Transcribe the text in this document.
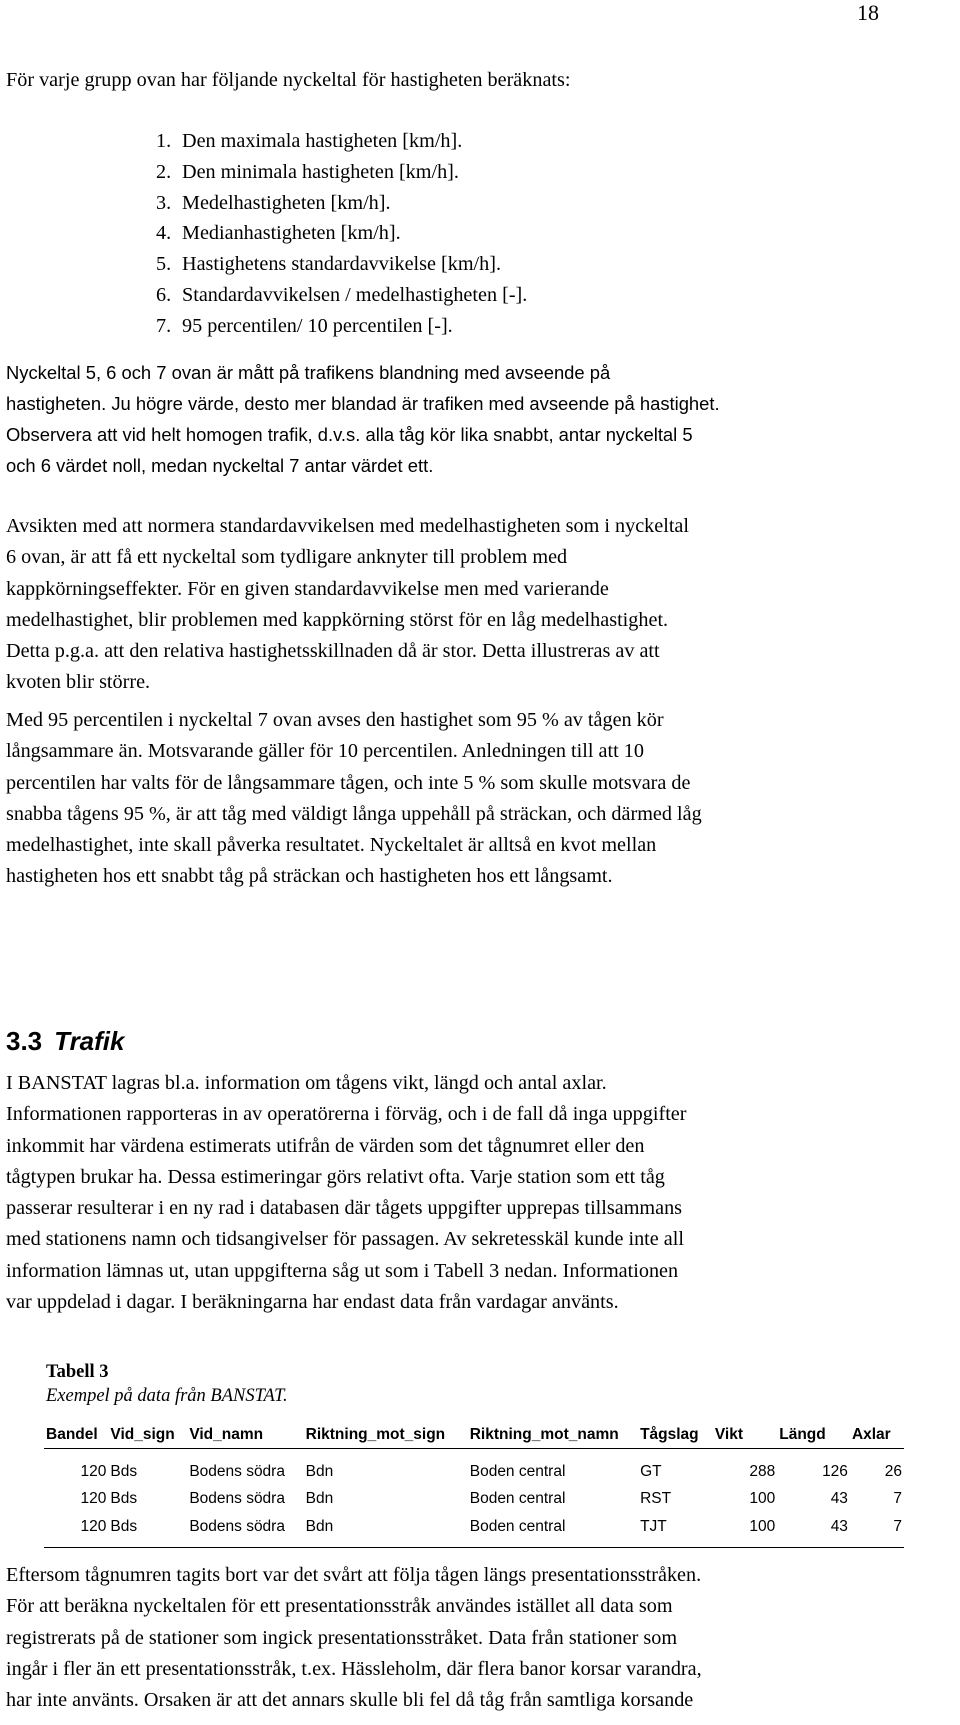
18

För varje grupp ovan har följande nyckeltal för hastigheten beräknats:

1. Den maximala hastigheten [km/h].
2. Den minimala hastigheten [km/h].
3. Medelhastigheten [km/h].
4. Medianhastigheten [km/h].
5. Hastighetens standardavvikelse [km/h].
6. Standardavvikelsen / medelhastigheten [-].
7. 95 percentilen/ 10 percentilen [-].
Nyckeltal 5, 6 och 7 ovan är mått på trafikens blandning med avseende på
hastigheten. Ju högre värde, desto mer blandad är trafiken med avseende på hastighet.
Observera att vid helt homogen trafik, d.v.s. alla tåg kör lika snabbt, antar nyckeltal 5
och 6 värdet noll, medan nyckeltal 7 antar värdet ett.
Avsikten med att normera standardavvikelsen med medelhastigheten som i nyckeltal
6 ovan, är att få ett nyckeltal som tydligare anknyter till problem med
kappkörningseffekter. För en given standardavvikelse men med varierande
medelhastighet, blir problemen med kappkörning störst för en låg medelhastighet.
Detta p.g.a. att den relativa hastighetsskillnaden då är stor. Detta illustreras av att
kvoten blir större.
Med 95 percentilen i nyckeltal 7 ovan avses den hastighet som 95 % av tågen kör
långsammare än. Motsvarande gäller för 10 percentilen. Anledningen till att 10
percentilen har valts för de långsammare tågen, och inte 5 % som skulle motsvara de
snabba tågens 95 %, är att tåg med väldigt långa uppehåll på sträckan, och därmed låg
medelhastighet, inte skall påverka resultatet. Nyckeltalet är alltså en kvot mellan
hastigheten hos ett snabbt tåg på sträckan och hastigheten hos ett långsamt.
3.3 Trafik
I BANSTAT lagras bl.a. information om tågens vikt, längd och antal axlar.
Informationen rapporteras in av operatörerna i förväg, och i de fall då inga uppgifter
inkommit har värdena estimerats utifrån de värden som det tågnumret eller den
tågtypen brukar ha. Dessa estimeringar görs relativt ofta. Varje station som ett tåg
passerar resulterar i en ny rad i databasen där tågets uppgifter upprepas tillsammans
med stationens namn och tidsangivelser för passagen. Av sekretesskäl kunde inte all
information lämnas ut, utan uppgifterna såg ut som i Tabell 3 nedan. Informationen
var uppdelad i dagar. I beräkningarna har endast data från vardagar använts.
Tabell 3
Exempel på data från BANSTAT.
Bandel	Vid_sign	Vid_namn	Riktning_mot_sign	Riktning_mot_namn	Tågslag	Vikt	Längd	Axlar
120	Bds	Bodens södra	Bdn	Boden central	GT	288	126	26
120	Bds	Bodens södra	Bdn	Boden central	RST	100	43	7
120	Bds	Bodens södra	Bdn	Boden central	TJT	100	43	7
Eftersom tågnumren tagits bort var det svårt att följa tågen längs presentationsstråken.
För att beräkna nyckeltalen för ett presentationsstråk användes istället all data som
registrerats på de stationer som ingick presentationsstråket. Data från stationer som
ingår i fler än ett presentationsstråk, t.ex. Hässleholm, där flera banor korsar varandra,
har inte använts. Orsaken är att det annars skulle bli fel då tåg från samtliga korsande
